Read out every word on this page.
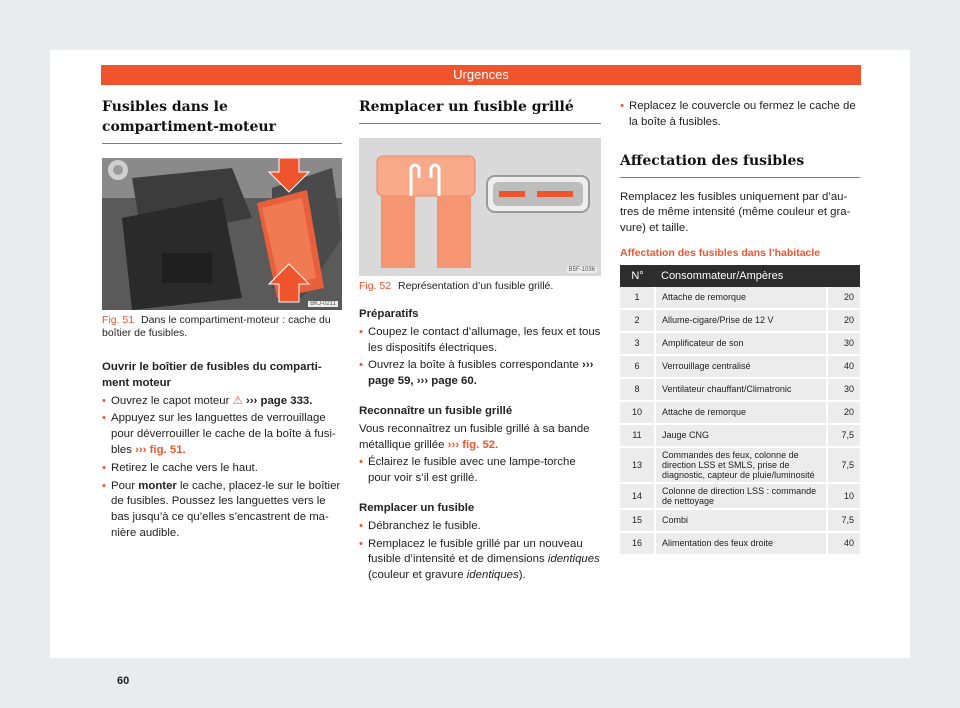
Urgences
Fusibles dans le compartiment-moteur
BKJ-0211
Fig. 51 Dans le compartiment-moteur : cache du boîtier de fusibles.

Ouvrir le boîtier de fusibles du compartiment moteur

• Ouvrez le capot moteur ⚠ ››› page 333.

• Appuyez sur les languettes de verrouillage pour déverrouiller le cache de la boîte à fusibles ››› fig. 51.

• Retirez le cache vers le haut.

• Pour monter le cache, placez-le sur le boîtier de fusibles. Poussez les languettes vers le bas jusqu’à ce qu’elles s’encastrent de manière audible.

Remplacer un fusible grillé
B5F-1036
Fig. 52 Représentation d’un fusible grillé.

Préparatifs

• Coupez le contact d’allumage, les feux et tous les dispositifs électriques.

• Ouvrez la boîte à fusibles correspondante ››› page 59, ››› page 60.

Reconnaître un fusible grillé

Vous reconnaîtrez un fusible grillé à sa bande métallique grillée ››› fig. 52.

• Éclairez le fusible avec une lampe-torche pour voir s’il est grillé.

Remplacer un fusible

• Débranchez le fusible.

• Remplacez le fusible grillé par un nouveau fusible d’intensité et de dimensions identiques (couleur et gravure identiques).

• Replacez le couvercle ou fermez le cache de la boîte à fusibles.

Affectation des fusibles

Remplacez les fusibles uniquement par d’autres de même intensité (même couleur et gravure) et taille.

Affectation des fusibles dans l’habitacle
N°	Consommateur/Ampères	
1	Attache de remorque	20
2	Allume-cigare/Prise de 12 V	20
3	Amplificateur de son	30
6	Verrouillage centralisé	40
8	Ventilateur chauffant/Climatronic	30
10	Attache de remorque	20
11	Jauge CNG	7,5
13	Commandes des feux, colonne de direction LSS et SMLS, prise de diagnostic, capteur de pluie/luminosité	7,5
14	Colonne de direction LSS : commande de nettoyage	10
15	Combi	7,5
16	Alimentation des feux droite	40
60
